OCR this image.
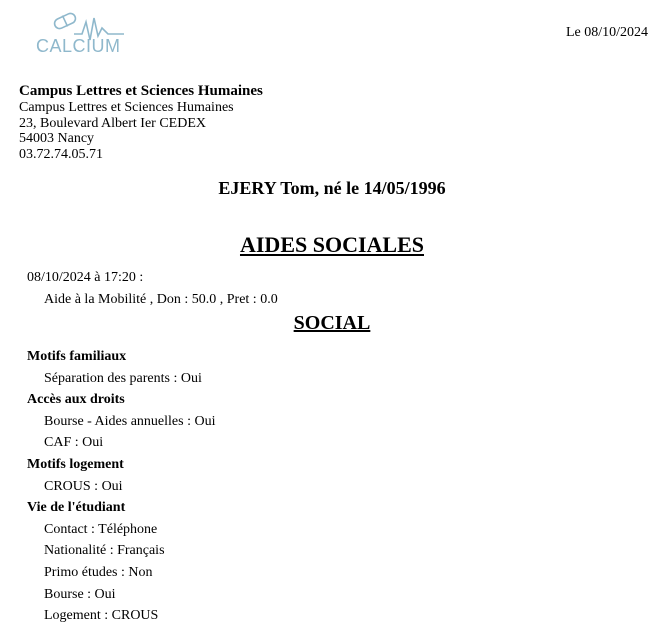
CALCIUM
Le 08/10/2024
Campus Lettres et Sciences Humaines
Campus Lettres et Sciences Humaines
23, Boulevard Albert Ier CEDEX
54003 Nancy
03.72.74.05.71
EJERY Tom, né le 14/05/1996
AIDES SOCIALES
08/10/2024 à 17:20 :
Aide à la Mobilité , Don : 50.0 , Pret : 0.0
SOCIAL
Motifs familiaux
Séparation des parents : Oui
Accès aux droits
Bourse - Aides annuelles : Oui
CAF : Oui
Motifs logement
CROUS : Oui
Vie de l'étudiant
Contact : Téléphone
Nationalité : Français
Primo études : Non
Bourse : Oui
Logement : CROUS
